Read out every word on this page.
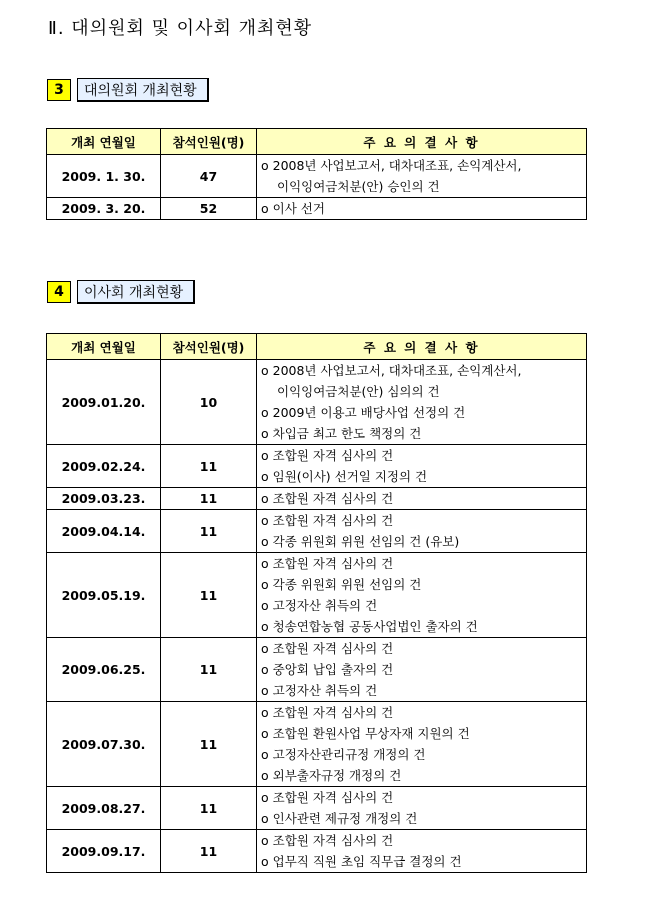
Ⅱ. 대의원회 및 이사회 개최현황
3	대의원회 개최현황
개최 연월일	참석인원(명)	주 요 의 결 사 항
2009. 1. 30.	47	o 2008년 사업보고서, 대차대조표, 손익계산서,
이익잉여금처분(안) 승인의 건

2009. 3. 20.	52	o 이사 선거
4	이사회 개최현황
개최 연월일	참석인원(명)	주 요 의 결 사 항
2009.01.20.	10	o 2008년 사업보고서, 대차대조표, 손익계산서,
이익잉여금처분(안) 심의의 건
o 2009년 이용고 배당사업 선정의 건
o 차입금 최고 한도 책정의 건

2009.02.24.	11	o 조합원 자격 심사의 건
o 임원(이사) 선거일 지정의 건

2009.03.23.	11	o 조합원 자격 심사의 건

2009.04.14.	11	o 조합원 자격 심사의 건
o 각종 위원회 위원 선임의 건 (유보)

2009.05.19.	11	o 조합원 자격 심사의 건
o 각종 위원회 위원 선임의 건
o 고정자산 취득의 건
o 청송연합농협 공동사업법인 출자의 건

2009.06.25.	11	o 조합원 자격 심사의 건
o 중앙회 납입 출자의 건
o 고정자산 취득의 건

2009.07.30.	11	o 조합원 자격 심사의 건
o 조합원 환원사업 무상자재 지원의 건
o 고정자산관리규정 개정의 건
o 외부출자규정 개정의 건

2009.08.27.	11	o 조합원 자격 심사의 건
o 인사관련 제규정 개정의 건

2009.09.17.	11	o 조합원 자격 심사의 건
o 업무직 직원 초임 직무급 결정의 건
